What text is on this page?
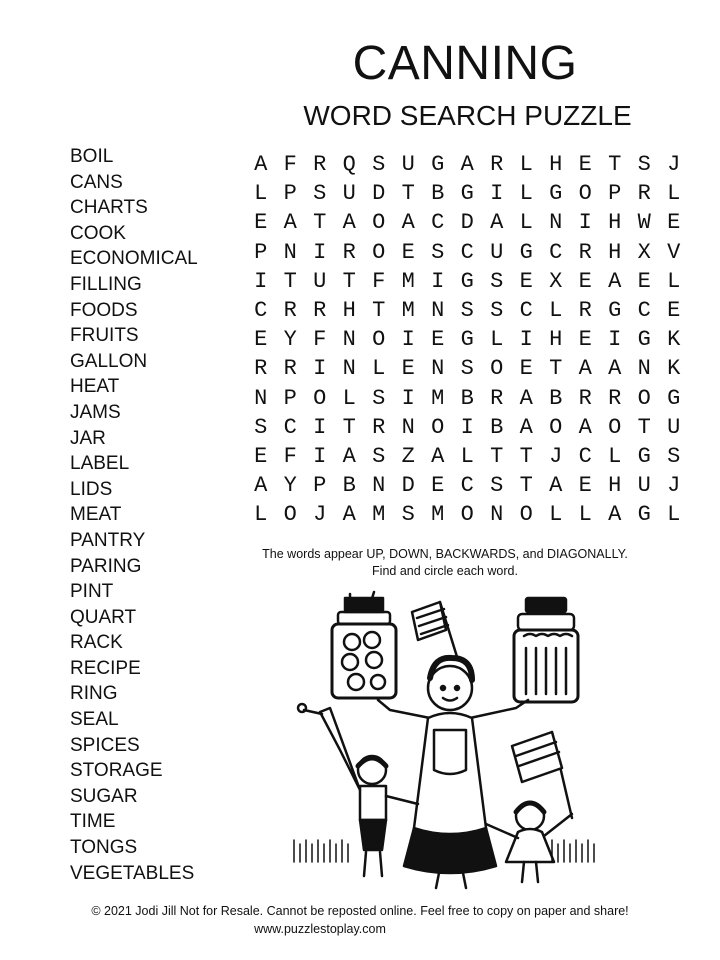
CANNING
WORD SEARCH PUZZLE
BOIL
CANS
CHARTS
COOK
ECONOMICAL
FILLING
FOODS
FRUITS
GALLON
HEAT
JAMS
JAR
LABEL
LIDS
MEAT
PANTRY
PARING
PINT
QUART
RACK
RECIPE
RING
SEAL
SPICES
STORAGE
SUGAR
TIME
TONGS
VEGETABLES
A F R Q S U G A R L H E T S J
L P S U D T B G I L G O P R L
E A T A O A C D A L N I H W E
P N I R O E S C U G C R H X V
I T U T F M I G S E X E A E L
C R R H T M N S S C L R G C E
E Y F N O I E G L I H E I G K
R R I N L E N S O E T A A N K
N P O L S I M B R A B R R O G
S C I T R N O I B A O A O T U
E F I A S Z A L T T J C L G S
A Y P B N D E C S T A E H U J
L O J A M S M O N O L L A G L
The words appear UP, DOWN, BACKWARDS, and DIAGONALLY.
Find and circle each word.
© 2021 Jodi Jill Not for Resale. Cannot be reposted online. Feel free to copy on paper and share!
www.puzzlestoplay.com
